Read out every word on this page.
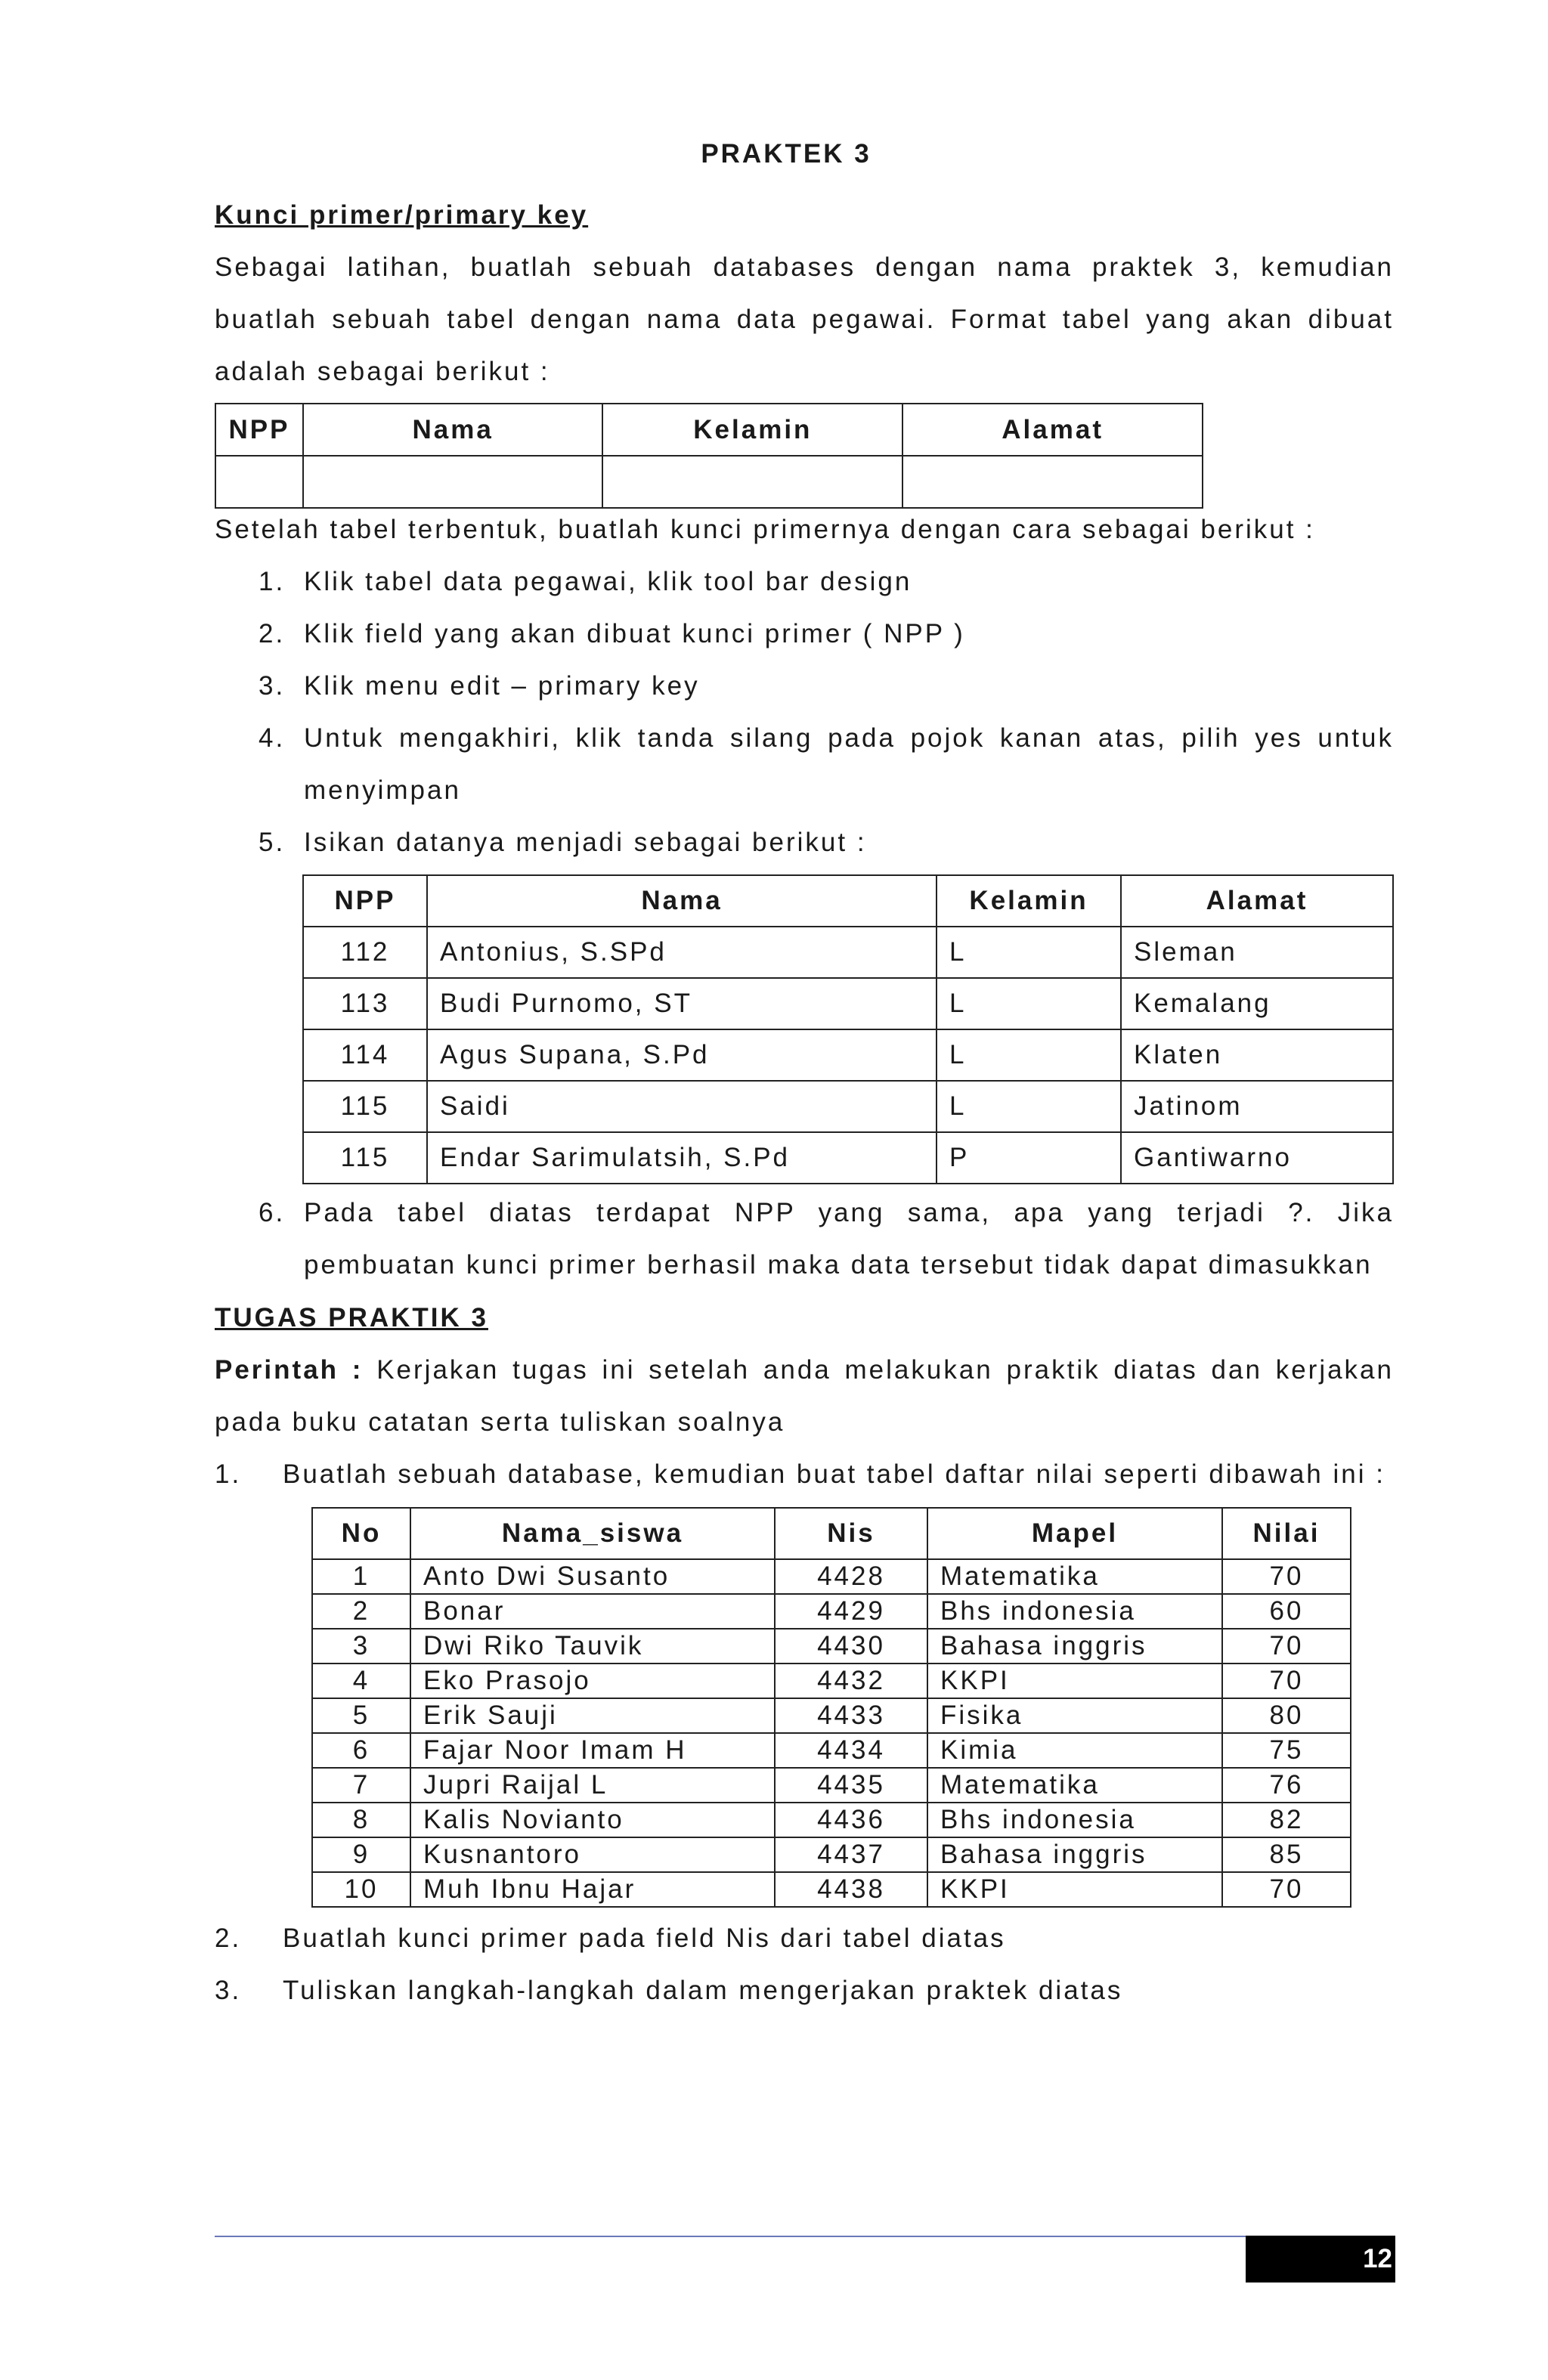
PRAKTEK 3
Kunci primer/primary key
Sebagai latihan, buatlah sebuah databases dengan nama praktek 3, kemudian buatlah sebuah tabel dengan nama data pegawai. Format tabel yang akan dibuat adalah sebagai berikut :
NPP	Nama	Kelamin	Alamat

Setelah tabel terbentuk, buatlah kunci primernya dengan cara sebagai berikut :
1. Klik tabel data pegawai, klik tool bar design
2. Klik field yang akan dibuat kunci primer ( NPP )
3. Klik menu edit – primary key
4. Untuk mengakhiri, klik tanda silang pada pojok kanan atas, pilih yes untuk menyimpan
5. Isikan datanya menjadi sebagai berikut :
NPP	Nama	Kelamin	Alamat
112	Antonius, S.SPd	L	Sleman
113	Budi Purnomo, ST	L	Kemalang
114	Agus Supana, S.Pd	L	Klaten
115	Saidi	L	Jatinom
115	Endar Sarimulatsih, S.Pd	P	Gantiwarno
6. Pada tabel diatas terdapat NPP yang sama, apa yang terjadi ?. Jika pembuatan kunci primer berhasil maka data tersebut tidak dapat dimasukkan
TUGAS PRAKTIK 3
Perintah : Kerjakan tugas ini setelah anda melakukan praktik diatas dan kerjakan pada buku catatan serta tuliskan soalnya
1.	Buatlah sebuah database, kemudian buat tabel daftar nilai seperti dibawah ini :
No	Nama_siswa	Nis	Mapel	Nilai
1	Anto Dwi Susanto	4428	Matematika	70
2	Bonar	4429	Bhs indonesia	60
3	Dwi Riko Tauvik	4430	Bahasa inggris	70
4	Eko Prasojo	4432	KKPI	70
5	Erik Sauji	4433	Fisika	80
6	Fajar Noor Imam H	4434	Kimia	75
7	Jupri Raijal L	4435	Matematika	76
8	Kalis Novianto	4436	Bhs indonesia	82
9	Kusnantoro	4437	Bahasa inggris	85
10	Muh Ibnu Hajar	4438	KKPI	70
2.	Buatlah kunci primer pada field Nis dari tabel diatas
3.	Tuliskan langkah-langkah dalam mengerjakan praktek diatas
12
